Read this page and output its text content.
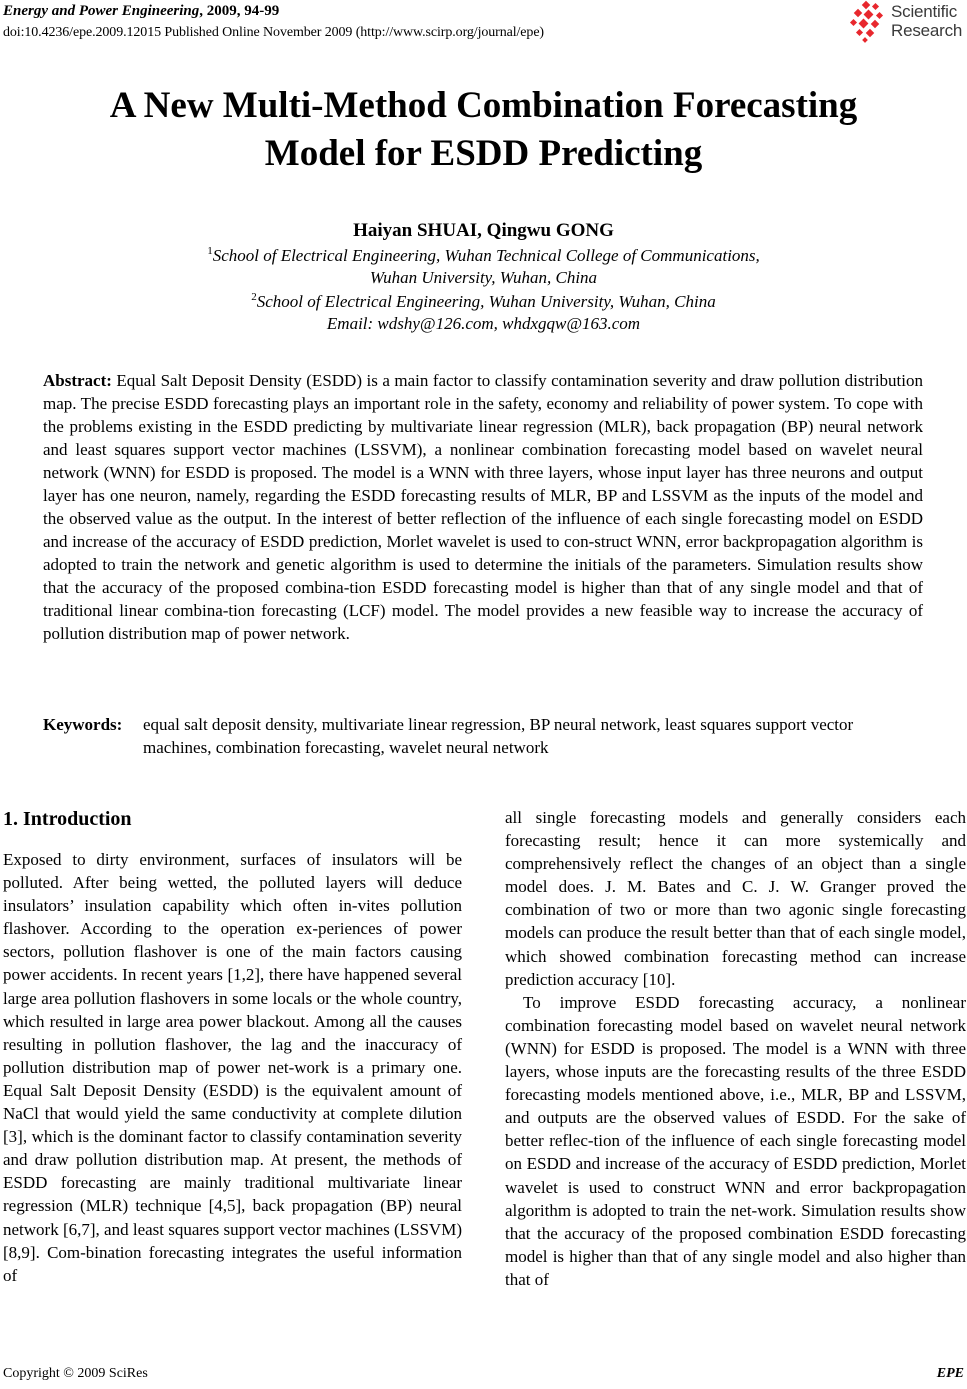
Energy and Power Engineering, 2009, 94-99
doi:10.4236/epe.2009.12015 Published Online November 2009 (http://www.scirp.org/journal/epe)
Scientific
Research
A New Multi-Method Combination Forecasting
Model for ESDD Predicting
Haiyan SHUAI, Qingwu GONG
$^1$School of Electrical Engineering, Wuhan Technical College of Communications,
Wuhan University, Wuhan, China
$^2$School of Electrical Engineering, Wuhan University, Wuhan, China
Email: wdshy@126.com, whdxgqw@163.com
Abstract: Equal Salt Deposit Density (ESDD) is a main factor to classify contamination severity and draw pollution distribution map. The precise ESDD forecasting plays an important role in the safety, economy and reliability of power system. To cope with the problems existing in the ESDD predicting by multivariate linear regression (MLR), back propagation (BP) neural network and least squares support vector machines (LSSVM), a nonlinear combination forecasting model based on wavelet neural network (WNN) for ESDD is proposed. The model is a WNN with three layers, whose input layer has three neurons and output layer has one neuron, namely, regarding the ESDD forecasting results of MLR, BP and LSSVM as the inputs of the model and the observed value as the output. In the interest of better reflection of the influence of each single forecasting model on ESDD and increase of the accuracy of ESDD prediction, Morlet wavelet is used to con-struct WNN, error backpropagation algorithm is adopted to train the network and genetic algorithm is used to determine the initials of the parameters. Simulation results show that the accuracy of the proposed combina-tion ESDD forecasting model is higher than that of any single model and that of traditional linear combina-tion forecasting (LCF) model. The model provides a new feasible way to increase the accuracy of pollution distribution map of power network.
Keywords: equal salt deposit density, multivariate linear regression, BP neural network, least squares support vector machines, combination forecasting, wavelet neural network
1. Introduction

Exposed to dirty environment, surfaces of insulators will be polluted. After being wetted, the polluted layers will deduce insulators’ insulation capability which often in-vites pollution flashover. According to the operation ex-periences of power sectors, pollution flashover is one of the main factors causing power accidents. In recent years [1,2], there have happened several large area pollution flashovers in some locals or the whole country, which resulted in large area power blackout. Among all the causes resulting in pollution flashover, the lag and the inaccuracy of pollution distribution map of power net-work is a primary one. Equal Salt Deposit Density (ESDD) is the equivalent amount of NaCl that would yield the same conductivity at complete dilution [3], which is the dominant factor to classify contamination severity and draw pollution distribution map. At present, the methods of ESDD forecasting are mainly traditional multivariate linear regression (MLR) technique [4,5], back propagation (BP) neural network [6,7], and least squares support vector machines (LSSVM) [8,9]. Com-bination forecasting integrates the useful information of

all single forecasting models and generally considers each forecasting result; hence it can more systemically and comprehensively reflect the changes of an object than a single model does. J. M. Bates and C. J. W. Granger proved the combination of two or more than two agonic single forecasting models can produce the result better than that of each single model, which showed combination forecasting method can increase prediction accuracy [10].

To improve ESDD forecasting accuracy, a nonlinear combination forecasting model based on wavelet neural network (WNN) for ESDD is proposed. The model is a WNN with three layers, whose inputs are the forecasting results of the three ESDD forecasting models mentioned above, i.e., MLR, BP and LSSVM, and outputs are the observed values of ESDD. For the sake of better reflec-tion of the influence of each single forecasting model on ESDD and increase of the accuracy of ESDD prediction, Morlet wavelet is used to construct WNN and error backpropagation algorithm is adopted to train the net-work. Simulation results show that the accuracy of the proposed combination ESDD forecasting model is higher than that of any single model and also higher than that of

Copyright © 2009 SciRes	EPE
